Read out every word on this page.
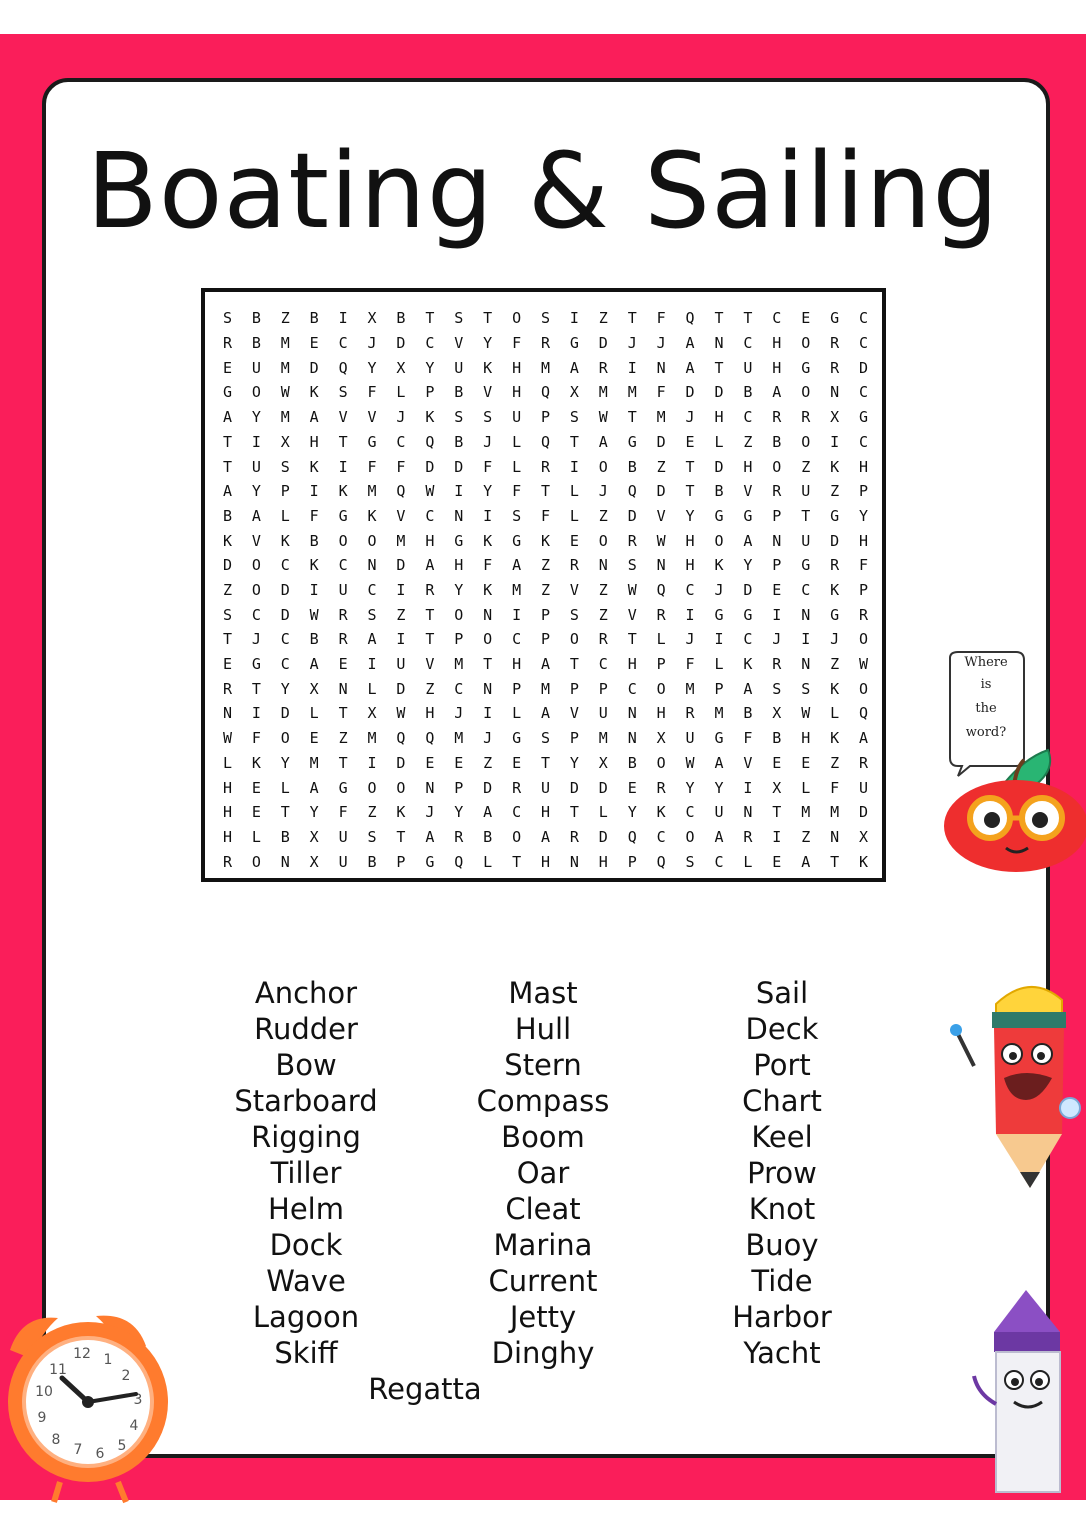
Boating & Sailing
S	B	Z	B	I	X	B	T	S	T	O	S	I	Z	T	F	Q	T	T	C	E	G	C
R	B	M	E	C	J	D	C	V	Y	F	R	G	D	J	J	A	N	C	H	O	R	C
E	U	M	D	Q	Y	X	Y	U	K	H	M	A	R	I	N	A	T	U	H	G	R	D
G	O	W	K	S	F	L	P	B	V	H	Q	X	M	M	F	D	D	B	A	O	N	C
A	Y	M	A	V	V	J	K	S	S	U	P	S	W	T	M	J	H	C	R	R	X	G
T	I	X	H	T	G	C	Q	B	J	L	Q	T	A	G	D	E	L	Z	B	O	I	C
T	U	S	K	I	F	F	D	D	F	L	R	I	O	B	Z	T	D	H	O	Z	K	H
A	Y	P	I	K	M	Q	W	I	Y	F	T	L	J	Q	D	T	B	V	R	U	Z	P
B	A	L	F	G	K	V	C	N	I	S	F	L	Z	D	V	Y	G	G	P	T	G	Y
K	V	K	B	O	O	M	H	G	K	G	K	E	O	R	W	H	O	A	N	U	D	H
D	O	C	K	C	N	D	A	H	F	A	Z	R	N	S	N	H	K	Y	P	G	R	F
Z	O	D	I	U	C	I	R	Y	K	M	Z	V	Z	W	Q	C	J	D	E	C	K	P
S	C	D	W	R	S	Z	T	O	N	I	P	S	Z	V	R	I	G	G	I	N	G	R
T	J	C	B	R	A	I	T	P	O	C	P	O	R	T	L	J	I	C	J	I	J	O
E	G	C	A	E	I	U	V	M	T	H	A	T	C	H	P	F	L	K	R	N	Z	W
R	T	Y	X	N	L	D	Z	C	N	P	M	P	P	C	O	M	P	A	S	S	K	O
N	I	D	L	T	X	W	H	J	I	L	A	V	U	N	H	R	M	B	X	W	L	Q
W	F	O	E	Z	M	Q	Q	M	J	G	S	P	M	N	X	U	G	F	B	H	K	A
L	K	Y	M	T	I	D	E	E	Z	E	T	Y	X	B	O	W	A	V	E	E	Z	R
H	E	L	A	G	O	O	N	P	D	R	U	D	D	E	R	Y	Y	I	X	L	F	U
H	E	T	Y	F	Z	K	J	Y	A	C	H	T	L	Y	K	C	U	N	T	M	M	D
H	L	B	X	U	S	T	A	R	B	O	A	R	D	Q	C	O	A	R	I	Z	N	X
R	O	N	X	U	B	P	G	Q	L	T	H	N	H	P	Q	S	C	L	E	A	T	K
Anchor
Rudder
Bow
Starboard
Rigging
Tiller
Helm
Dock
Wave
Lagoon
Skiff
Mast
Hull
Stern
Compass
Boom
Oar
Cleat
Marina
Current
Jetty
Dinghy
Sail
Deck
Port
Chart
Keel
Prow
Knot
Buoy
Tide
Harbor
Yacht
Regatta
Where
is
the
word?
12 1
2
3
4
5
6
7
8
9
10
11
